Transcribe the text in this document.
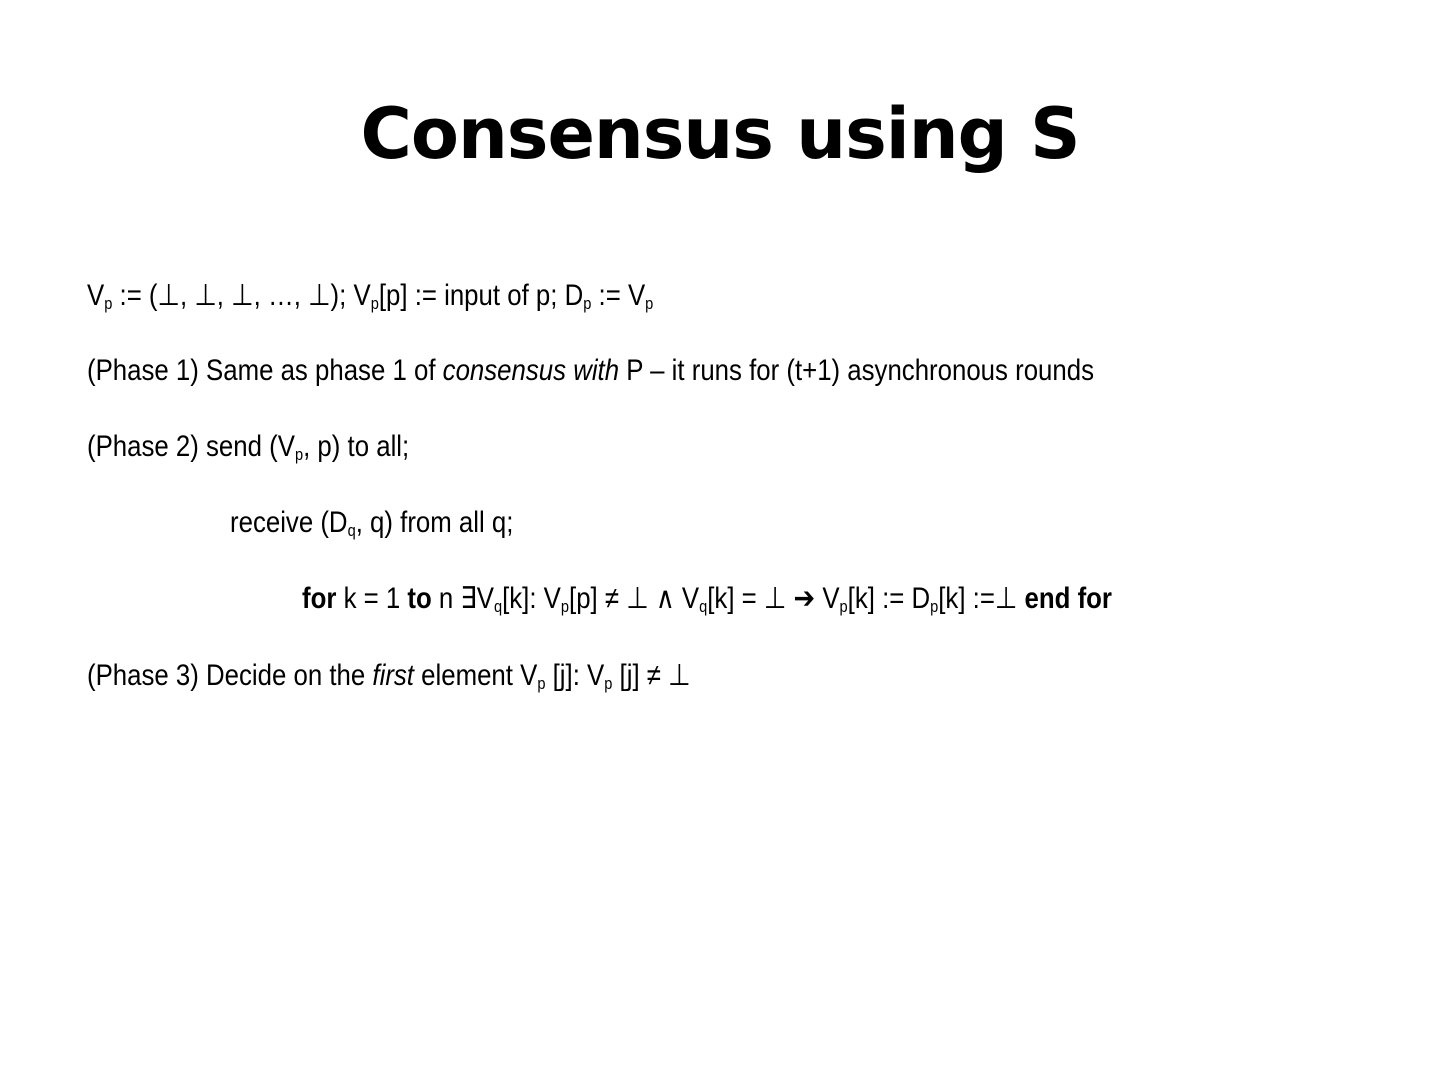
Consensus using S
$V_p$ := (⊥, ⊥, ⊥, …, ⊥); $V_p[p]$ := input of p; $D_p$ := $V_p$
(Phase 1) Same as phase 1 of consensus with P – it runs for (t+1) asynchronous rounds
(Phase 2) send ($V_p$, p) to all;
receive ($D_q$, q) from all q;
for k = 1 to n $\exists V_q[k]$: $V_p[p]$ ≠ ⊥ ∧ $V_q[k]$ = ⊥ ➔ $V_p[k]$ := $D_p[k]$ :=⊥ end for
(Phase 3) Decide on the first element $V_p$ [j]: $V_p$ [j] ≠ ⊥
